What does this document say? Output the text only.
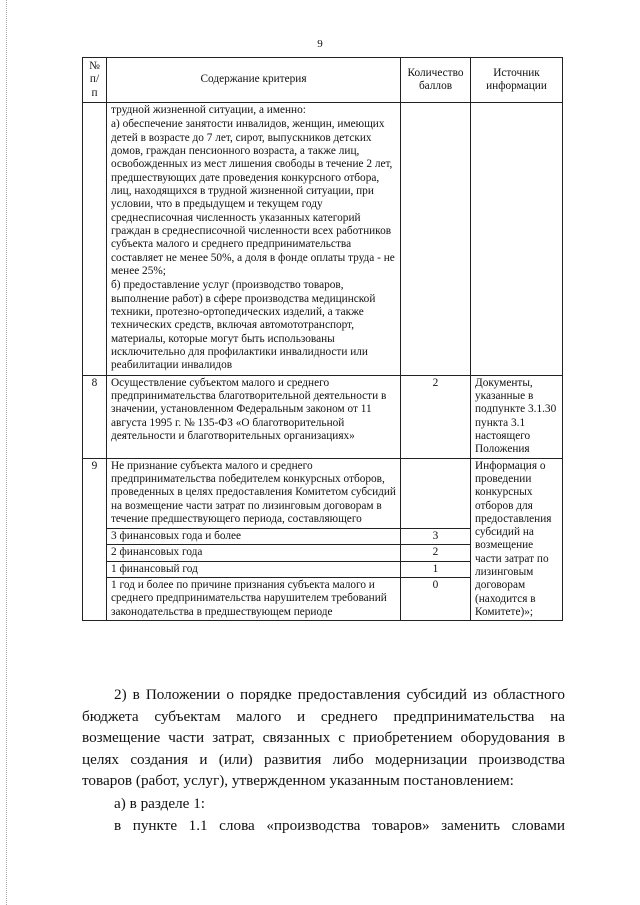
9
№ п/п	Содержание критерия	Количество баллов	Источник информации

	трудной жизненной ситуации, а именно:
а) обеспечение занятости инвалидов, женщин, имеющих детей в возрасте до 7 лет, сирот, выпускников детских домов, граждан пенсионного возраста, а также лиц, освобожденных из мест лишения свободы в течение 2 лет, предшествующих дате проведения конкурсного отбора, лиц, находящихся в трудной жизненной ситуации, при условии, что в предыдущем и текущем году среднесписочная численность указанных категорий граждан в среднесписочной численности всех работников субъекта малого и среднего предпринимательства составляет не менее 50%, а доля в фонде оплаты труда - не менее 25%;
б) предоставление услуг (производство товаров, выполнение работ) в сфере производства медицинской техники, протезно-ортопедических изделий, а также технических средств, включая автомототранспорт, материалы, которые могут быть использованы исключительно для профилактики инвалидности или реабилитации инвалидов		

8	Осуществление субъектом малого и среднего предпринимательства благотворительной деятельности в значении, установленном Федеральным законом от 11 августа 1995 г. № 135-ФЗ «О благотворительной деятельности и благотворительных организациях»	2	Документы, указанные в подпункте 3.1.30 пункта 3.1 настоящего Положения
9	Не признание субъекта малого и среднего предпринимательства победителем конкурсных отборов, проведенных в целях предоставления Комитетом субсидий на возмещение части затрат по лизинговым договорам в течение предшествующего периода, составляющего		Информация о проведении конкурсных отборов для предоставления субсидий на возмещение части затрат по лизинговым договорам (находится в Комитете)»;
	3 финансовых года и более	3	
	2 финансовых года	2	
	1 финансовый год	1	
	1 год и более по причине признания субъекта малого и среднего предпринимательства нарушителем требований законодательства в предшествующем периоде	0	
2) в Положении о порядке предоставления субсидий из областного
бюджета субъектам малого и среднего предпринимательства на
возмещение части затрат, связанных с приобретением оборудования в
целях создания и (или) развития либо модернизации производства
товаров (работ, услуг), утвержденном указанным постановлением:
а) в разделе 1:
в пункте 1.1 слова «производства товаров» заменить словами
